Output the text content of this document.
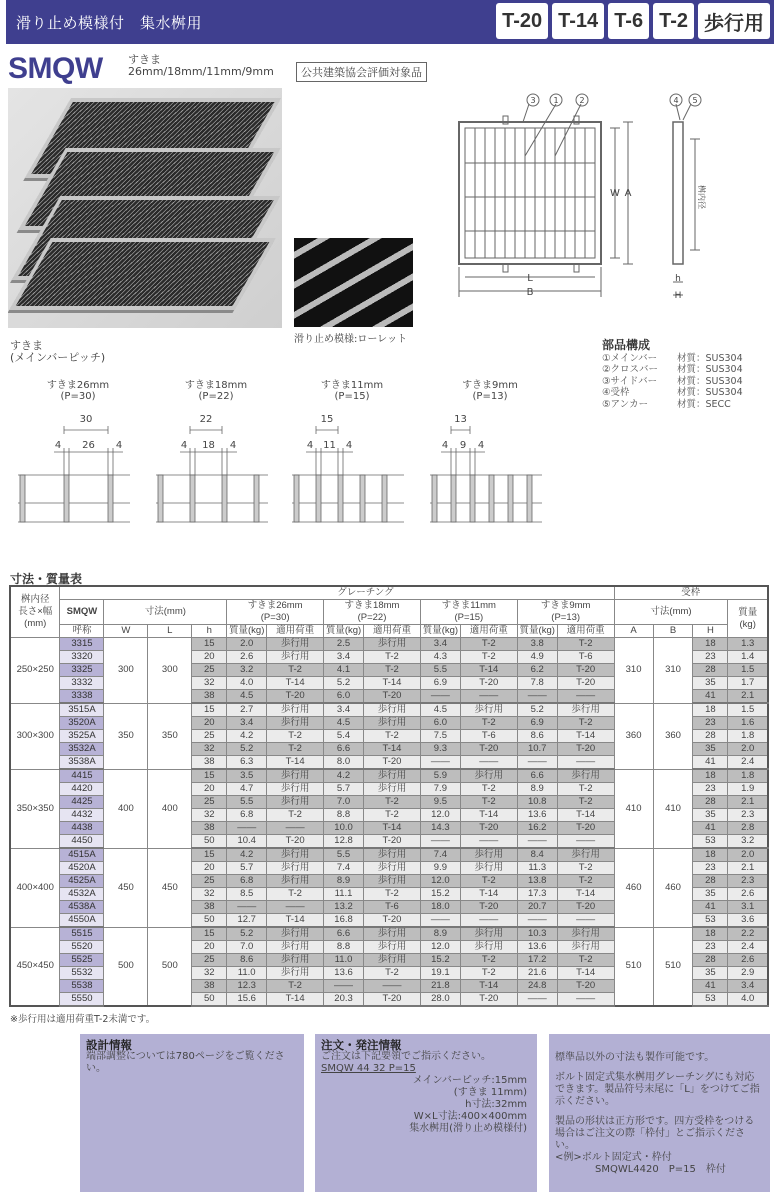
滑り止め模様付　集水桝用	T-20 T-14 T-6 T-2 歩行用
SMQW すきま
26mm/18mm/11mm/9mm	公共建築協会評価対象品
滑り止め模様:ローレット
3 1	2	4 5
W A
L
B
h
H
桝内径
部品構成
①メインバー	材質：SUS304
②クロスバー	材質：SUS304
③サイドバー	材質：SUS304
④受枠	材質：SUS304
⑤アンカー	材質：SECC
すきま
(メインバーピッチ)
すきま26mm
(P=30)
30
4 26 4
すきま18mm
(P=22)
22
4 18 4
すきま11mm
(P=15)
15
4 11 4
すきま9mm
(P=13)
13
4 9 4
寸法・質量表
桝内径
長さ×幅
(mm)	グレーチング												受枠			
	SMQW	寸法(mm)			すきま26mm
(P=30)		すきま18mm
(P=22)		すきま11mm
(P=15)		すきま9mm
(P=13)		寸法(mm)			質量
(kg)
	呼称	W	L	h	質量(kg)	適用荷重	質量(kg)	適用荷重	質量(kg)	適用荷重	質量(kg)	適用荷重	A	B	H	
250×250	3315	300	300	15	2.0	歩行用	2.5	歩行用	3.4	T-2	3.8	T-2	310	310	18	1.3
	3320			20	2.6	歩行用	3.4	T-2	4.3	T-2	4.9	T-6			23	1.4
	3325			25	3.2	T-2	4.1	T-2	5.5	T-14	6.2	T-20			28	1.5
	3332			32	4.0	T-14	5.2	T-14	6.9	T-20	7.8	T-20			35	1.7
	3338			38	4.5	T-20	6.0	T-20	——	——	——	——			41	2.1
300×300	3515A	350	350	15	2.7	歩行用	3.4	歩行用	4.5	歩行用	5.2	歩行用	360	360	18	1.5
	3520A			20	3.4	歩行用	4.5	歩行用	6.0	T-2	6.9	T-2			23	1.6
	3525A			25	4.2	T-2	5.4	T-2	7.5	T-6	8.6	T-14			28	1.8
	3532A			32	5.2	T-2	6.6	T-14	9.3	T-20	10.7	T-20			35	2.0
	3538A			38	6.3	T-14	8.0	T-20	——	——	——	——			41	2.4
350×350	4415	400	400	15	3.5	歩行用	4.2	歩行用	5.9	歩行用	6.6	歩行用	410	410	18	1.8
	4420			20	4.7	歩行用	5.7	歩行用	7.9	T-2	8.9	T-2			23	1.9
	4425			25	5.5	歩行用	7.0	T-2	9.5	T-2	10.8	T-2			28	2.1
	4432			32	6.8	T-2	8.8	T-2	12.0	T-14	13.6	T-14			35	2.3
	4438			38	——	——	10.0	T-14	14.3	T-20	16.2	T-20			41	2.8
	4450			50	10.4	T-20	12.8	T-20	——	——	——	——			53	3.2
400×400	4515A	450	450	15	4.2	歩行用	5.5	歩行用	7.4	歩行用	8.4	歩行用	460	460	18	2.0
	4520A			20	5.7	歩行用	7.4	歩行用	9.9	歩行用	11.3	T-2			23	2.1
	4525A			25	6.8	歩行用	8.9	歩行用	12.0	T-2	13.8	T-2			28	2.3
	4532A			32	8.5	T-2	11.1	T-2	15.2	T-14	17.3	T-14			35	2.6
	4538A			38	——	——	13.2	T-6	18.0	T-20	20.7	T-20			41	3.1
	4550A			50	12.7	T-14	16.8	T-20	——	——	——	——			53	3.6
450×450	5515	500	500	15	5.2	歩行用	6.6	歩行用	8.9	歩行用	10.3	歩行用	510	510	18	2.2
	5520			20	7.0	歩行用	8.8	歩行用	12.0	歩行用	13.6	歩行用			23	2.4
	5525			25	8.6	歩行用	11.0	歩行用	15.2	T-2	17.2	T-2			28	2.6
	5532			32	11.0	歩行用	13.6	T-2	19.1	T-2	21.6	T-14			35	2.9
	5538			38	12.3	T-2	——	——	21.8	T-14	24.8	T-20			41	3.4
	5550			50	15.6	T-14	20.3	T-20	28.0	T-20	——	——			53	4.0
※歩行用は適用荷重T-2未満です。
設計情報
端部調整については780ページをご覧ください。
注文・発注情報
ご注文は下記要領でご指示ください。
SMQW 44 32 P=15
メインバーピッチ:15mm
(すきま 11mm)
h寸法:32mm
W×L寸法:400×400mm
集水桝用(滑り止め模様付)
標準品以外の寸法も製作可能です。
ボルト固定式集水桝用グレーチングにも対応できます。製品符号末尾に「L」をつけてご指示ください。
製品の形状は正方形です。四方受枠をつける場合はご注文の際「枠付」とご指示ください。
<例>ボルト固定式・枠付
SMQWL4420　P=15　枠付
